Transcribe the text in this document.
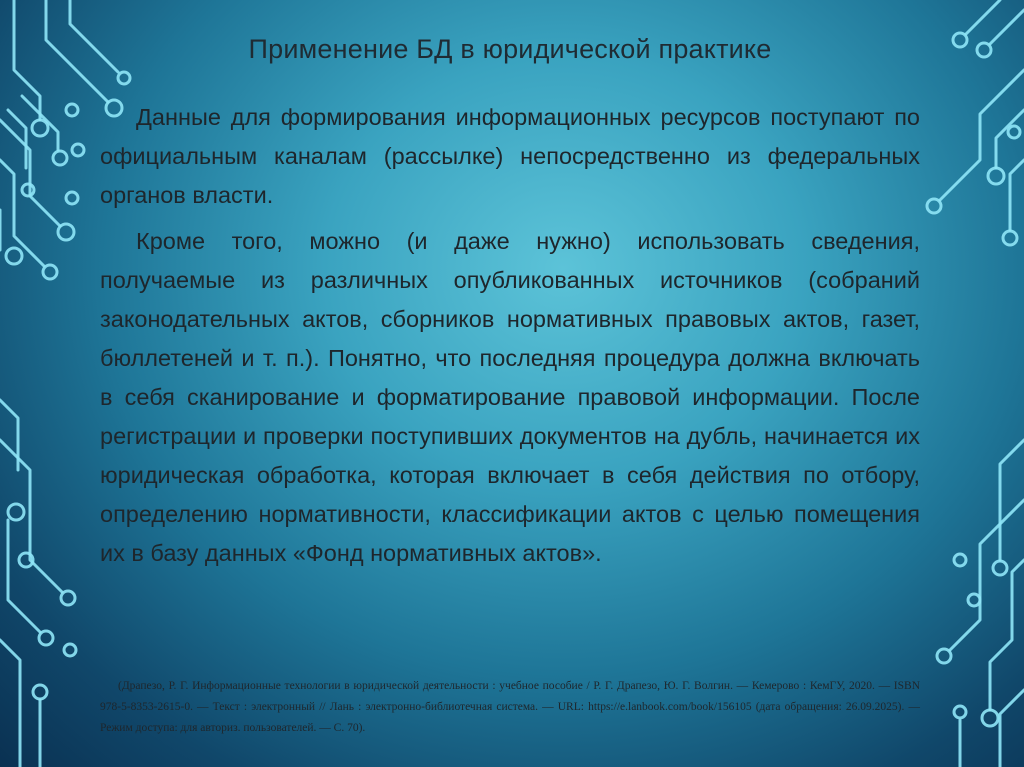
Применение БД в юридической практике

Данные для формирования информационных ресурсов поступают по официальным каналам (рассылке) непосредственно из федеральных органов власти.

Кроме того, можно (и даже нужно) использовать сведения, получаемые из различных опубликованных источников (собраний законодательных актов, сборников нормативных правовых актов, газет, бюллетеней и т. п.). Понятно, что последняя процедура должна включать в себя сканирование и форматирование правовой информации. После регистрации и проверки поступивших документов на дубль, начинается их юридическая обработка, которая включает в себя действия по отбору, определению нормативности, классификации актов с целью помещения их в базу данных «Фонд нормативных актов».

(Драпезо, Р. Г. Информационные технологии в юридической деятельности : учебное пособие / Р. Г. Драпезо, Ю. Г. Волгин. — Кемерово : КемГУ, 2020. — ISBN 978-5-8353-2615-0. — Текст : электронный // Лань : электронно-библиотечная система. — URL: https://e.lanbook.com/book/156105 (дата обращения: 26.09.2025). — Режим доступа: для авториз. пользователей. — С. 70).
